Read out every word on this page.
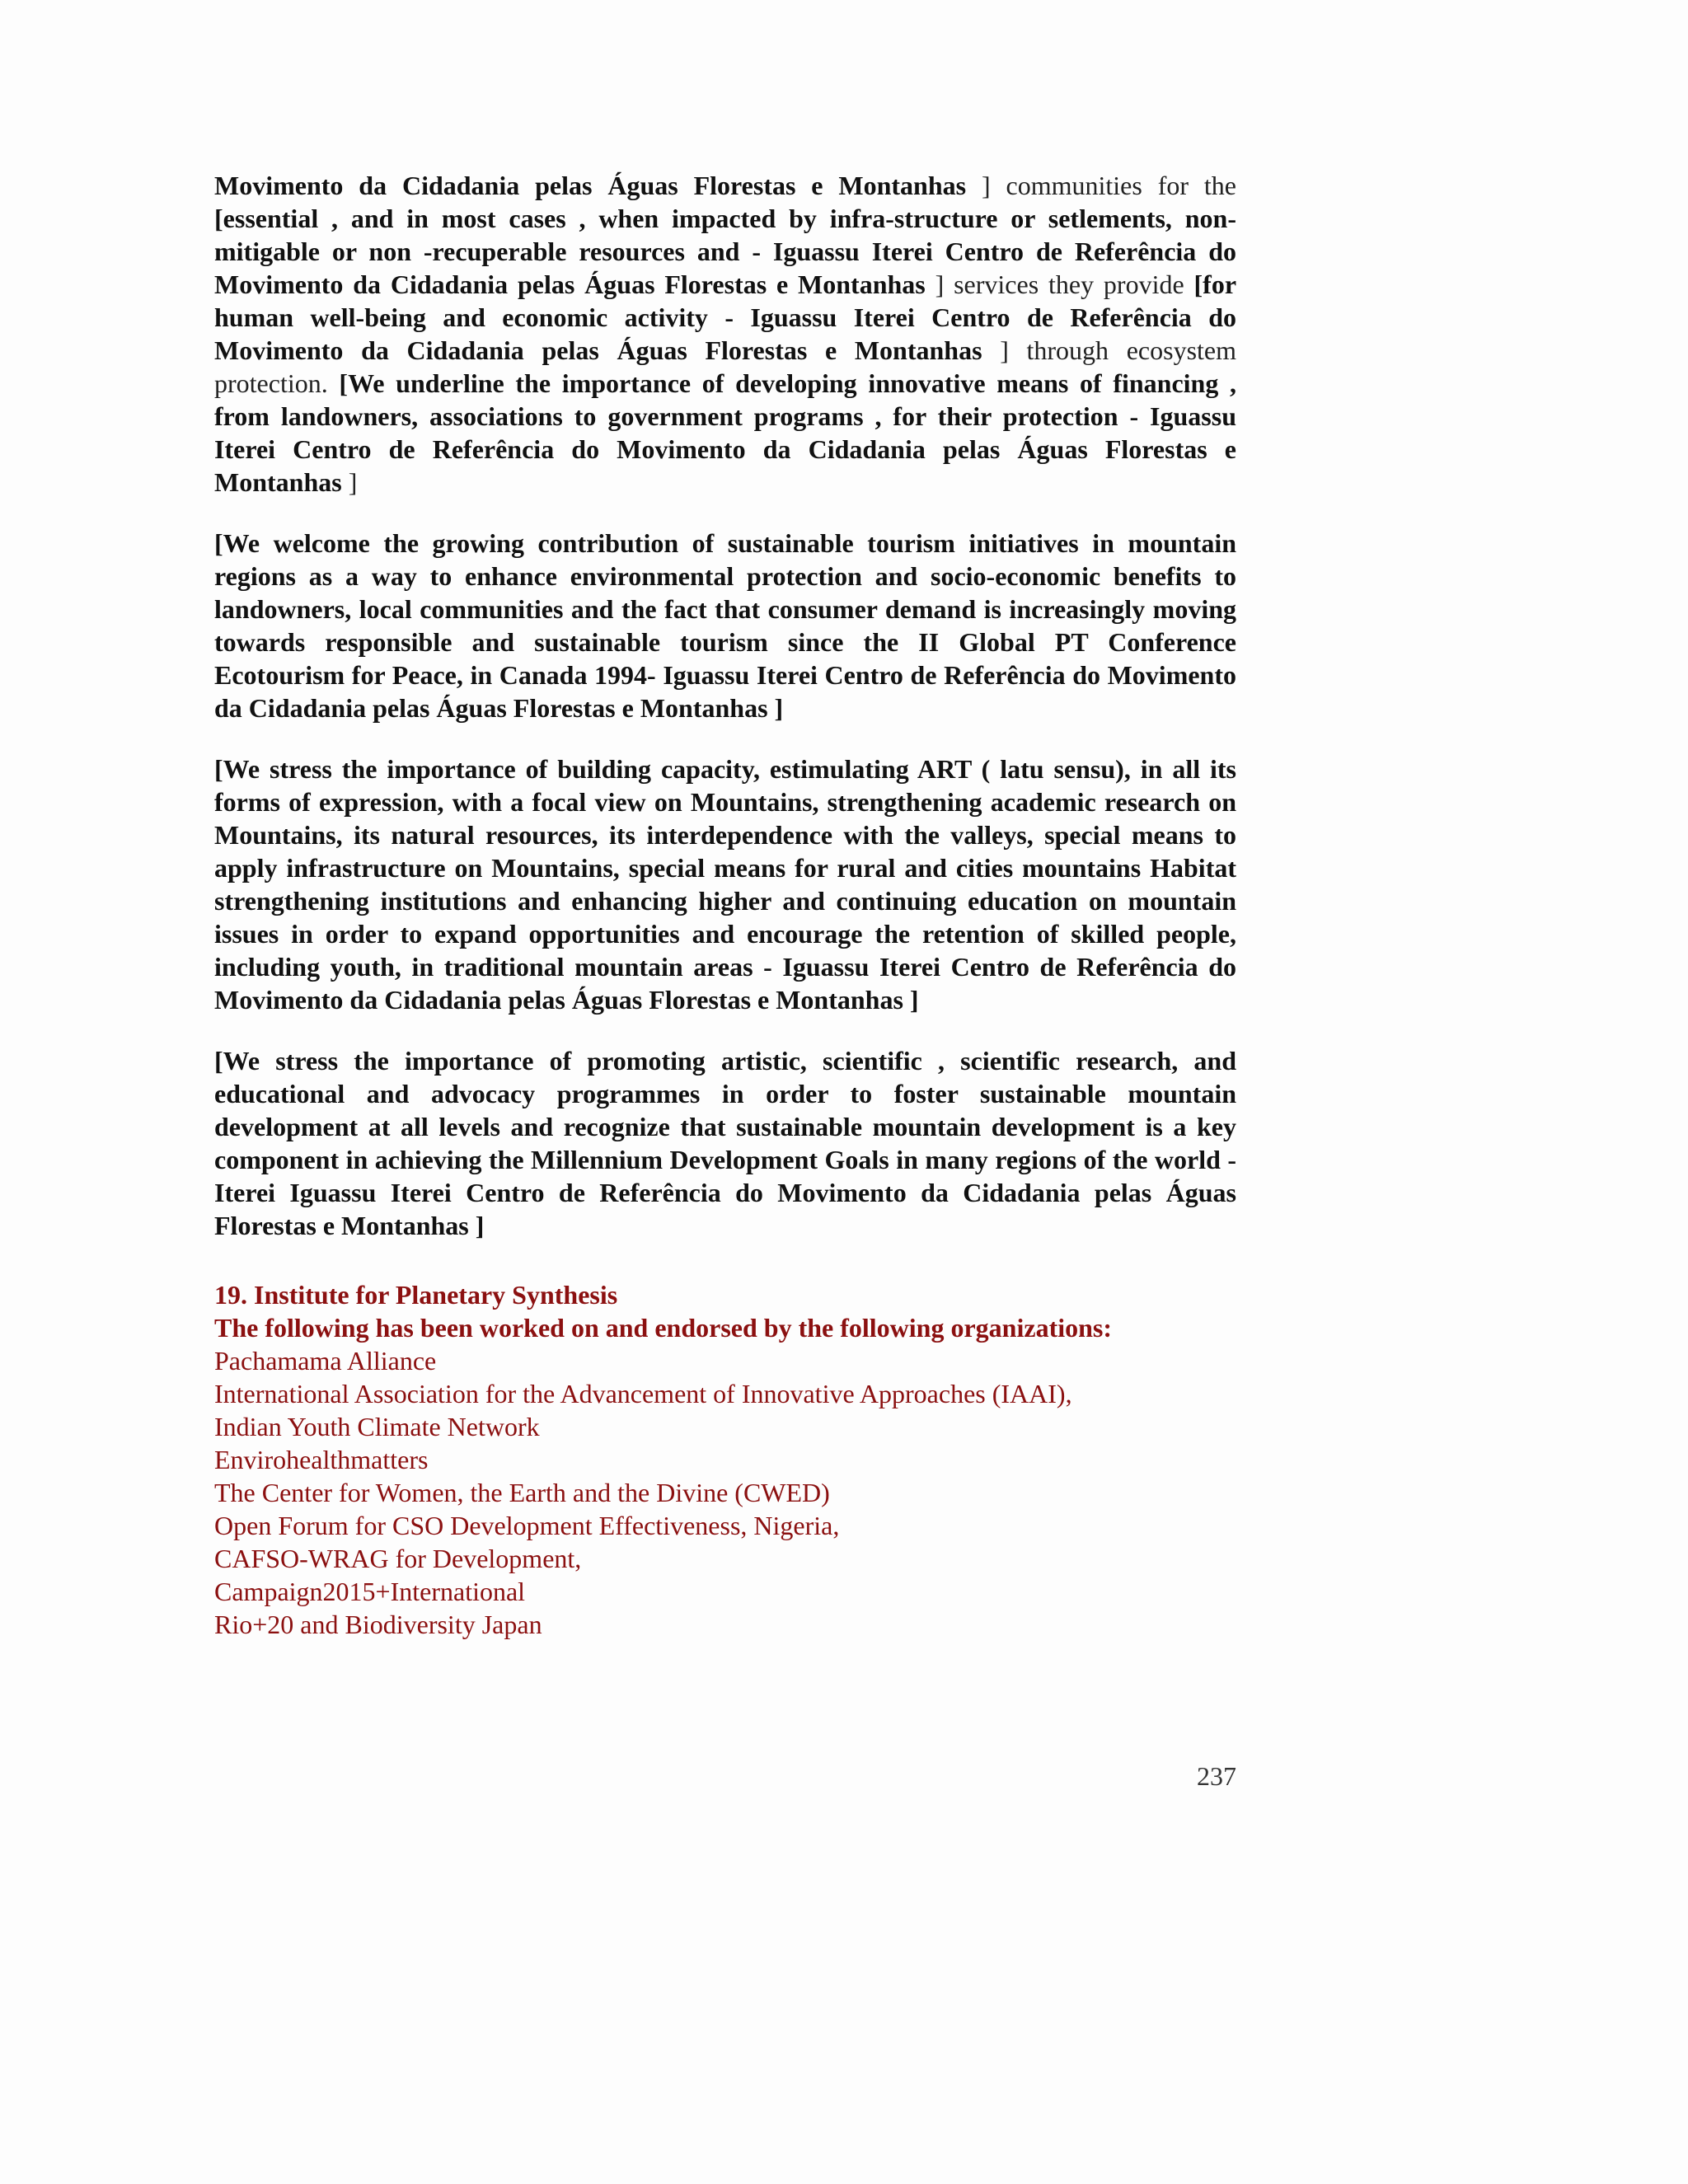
Movimento da Cidadania pelas Águas Florestas e Montanhas ] communities for the [essential , and in most cases , when impacted by infra-structure or setlements, non-mitigable or non -recuperable resources and - Iguassu Iterei Centro de Referência do Movimento da Cidadania pelas Águas Florestas e Montanhas ] services they provide [for human well-being and economic activity - Iguassu Iterei Centro de Referência do Movimento da Cidadania pelas Águas Florestas e Montanhas ] through ecosystem protection. [We underline the importance of developing innovative means of financing , from landowners, associations to government programs , for their protection - Iguassu Iterei Centro de Referência do Movimento da Cidadania pelas Águas Florestas e Montanhas ]

[We welcome the growing contribution of sustainable tourism initiatives in mountain regions as a way to enhance environmental protection and socio-economic benefits to landowners, local communities and the fact that consumer demand is increasingly moving towards responsible and sustainable tourism since the II Global PT Conference Ecotourism for Peace, in Canada 1994- Iguassu Iterei Centro de Referência do Movimento da Cidadania pelas Águas Florestas e Montanhas ]

[We stress the importance of building capacity, estimulating ART ( latu sensu), in all its forms of expression, with a focal view on Mountains, strengthening academic research on Mountains, its natural resources, its interdependence with the valleys, special means to apply infrastructure on Mountains, special means for rural and cities mountains Habitat strengthening institutions and enhancing higher and continuing education on mountain issues in order to expand opportunities and encourage the retention of skilled people, including youth, in traditional mountain areas - Iguassu Iterei Centro de Referência do Movimento da Cidadania pelas Águas Florestas e Montanhas ]

[We stress the importance of promoting artistic, scientific , scientific research, and educational and advocacy programmes in order to foster sustainable mountain development at all levels and recognize that sustainable mountain development is a key component in achieving the Millennium Development Goals in many regions of the world - Iterei Iguassu Iterei Centro de Referência do Movimento da Cidadania pelas Águas Florestas e Montanhas ]

19. Institute for Planetary Synthesis

The following has been worked on and endorsed by the following organizations:

Pachamama Alliance
International Association for the Advancement of Innovative Approaches (IAAI),
Indian Youth Climate Network
Envirohealthmatters
The Center for Women, the Earth and the Divine (CWED)
Open Forum for CSO Development Effectiveness, Nigeria,
CAFSO-WRAG for Development,
Campaign2015+International
Rio+20 and Biodiversity Japan
237
